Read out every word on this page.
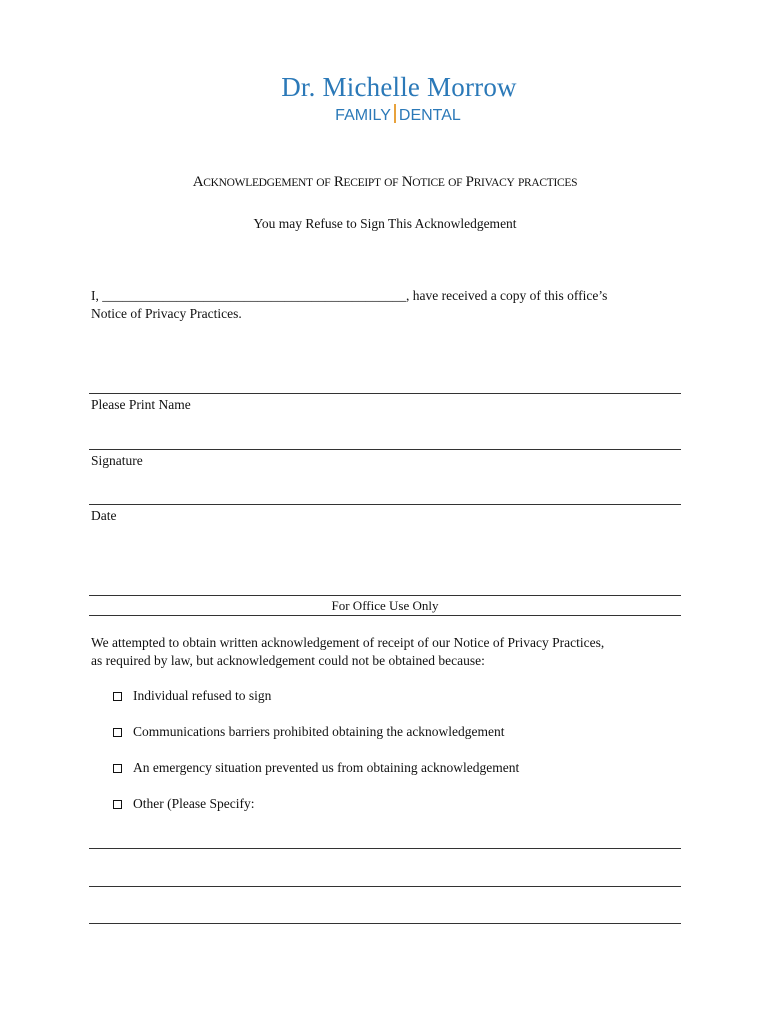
Dr. Michelle Morrow
FAMILY DENTAL
ACKNOWLEDGEMENT OF RECEIPT OF NOTICE OF PRIVACY PRACTICES
You may Refuse to Sign This Acknowledgement
I, _____________________________________________, have received a copy of this office’s
Notice of Privacy Practices.
Please Print Name
Signature
Date
For Office Use Only
We attempted to obtain written acknowledgement of receipt of our Notice of Privacy Practices,
as required by law, but acknowledgement could not be obtained because:
Individual refused to sign
Communications barriers prohibited obtaining the acknowledgement
An emergency situation prevented us from obtaining acknowledgement
Other (Please Specify:
